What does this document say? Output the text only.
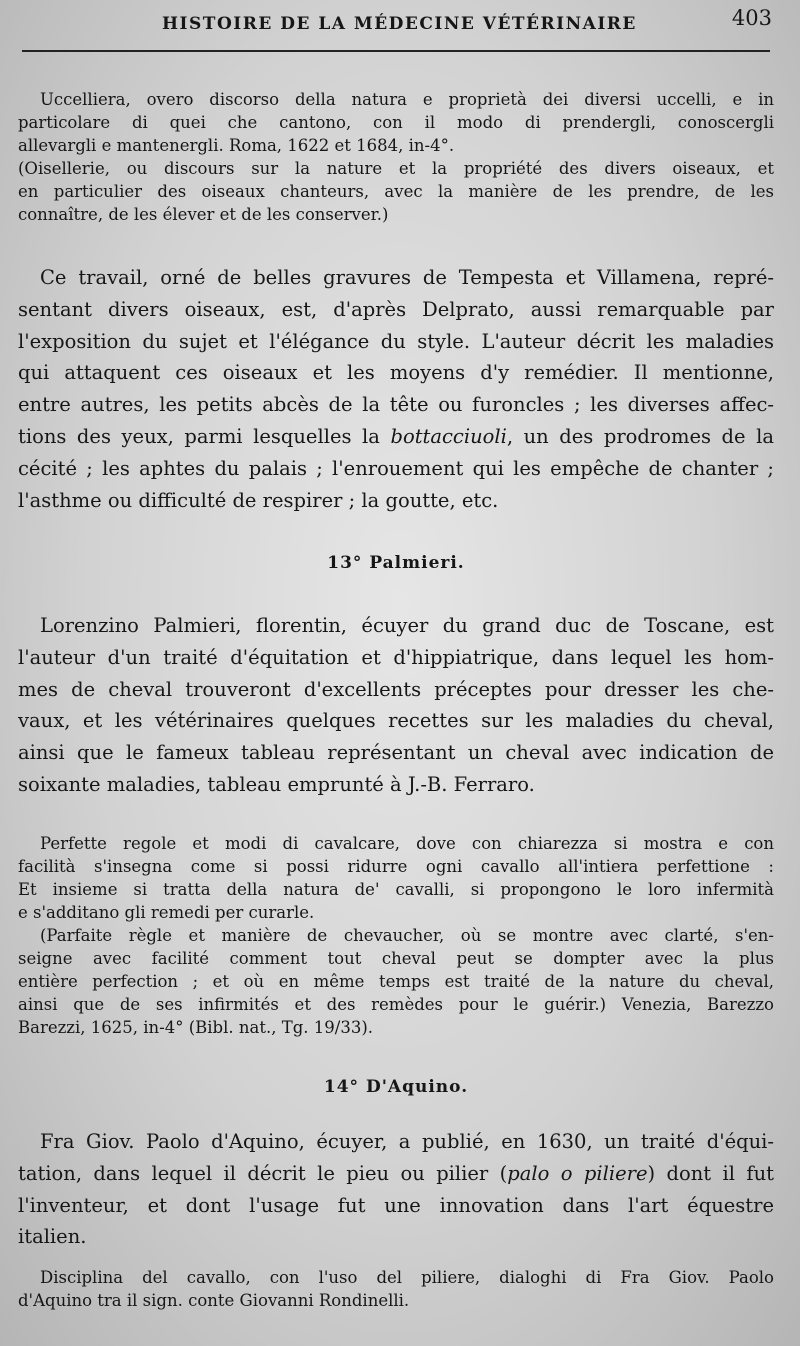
HISTOIRE DE LA MÉDECINE VÉTÉRINAIRE	403
Uccelliera, overo discorso della natura e proprietà dei diversi uccelli, e in
particolare di quei che cantono, con il modo di prendergli, conoscergli
allevargli e mantenergli. Roma, 1622 et 1684, in-4°.
(Oisellerie, ou discours sur la nature et la propriété des divers oiseaux, et
en particulier des oiseaux chanteurs, avec la manière de les prendre, de les
connaître, de les élever et de les conserver.)
Ce travail, orné de belles gravures de Tempesta et Villamena, repré-
sentant divers oiseaux, est, d'après Delprato, aussi remarquable par
l'exposition du sujet et l'élégance du style. L'auteur décrit les maladies
qui attaquent ces oiseaux et les moyens d'y remédier. Il mentionne,
entre autres, les petits abcès de la tête ou furoncles ; les diverses affec-
tions des yeux, parmi lesquelles la bottacciuoli, un des prodromes de la
cécité ; les aphtes du palais ; l'enrouement qui les empêche de chanter ;
l'asthme ou difficulté de respirer ; la goutte, etc.
13° Palmieri.
Lorenzino Palmieri, florentin, écuyer du grand duc de Toscane, est
l'auteur d'un traité d'équitation et d'hippiatrique, dans lequel les hom-
mes de cheval trouveront d'excellents préceptes pour dresser les che-
vaux, et les vétérinaires quelques recettes sur les maladies du cheval,
ainsi que le fameux tableau représentant un cheval avec indication de
soixante maladies, tableau emprunté à J.-B. Ferraro.
Perfette regole et modi di cavalcare, dove con chiarezza si mostra e con
facilità s'insegna come si possi ridurre ogni cavallo all'intiera perfettione :
Et insieme si tratta della natura de' cavalli, si propongono le loro infermità
e s'additano gli remedi per curarle.
(Parfaite règle et manière de chevaucher, où se montre avec clarté, s'en-
seigne avec facilité comment tout cheval peut se dompter avec la plus
entière perfection ; et où en même temps est traité de la nature du cheval,
ainsi que de ses infirmités et des remèdes pour le guérir.) Venezia, Barezzo
Barezzi, 1625, in-4° (Bibl. nat., Tg. 19/33).
14° D'Aquino.
Fra Giov. Paolo d'Aquino, écuyer, a publié, en 1630, un traité d'équi-
tation, dans lequel il décrit le pieu ou pilier (palo o piliere) dont il fut
l'inventeur, et dont l'usage fut une innovation dans l'art équestre
italien.
Disciplina del cavallo, con l'uso del piliere, dialoghi di Fra Giov. Paolo
d'Aquino tra il sign. conte Giovanni Rondinelli.
